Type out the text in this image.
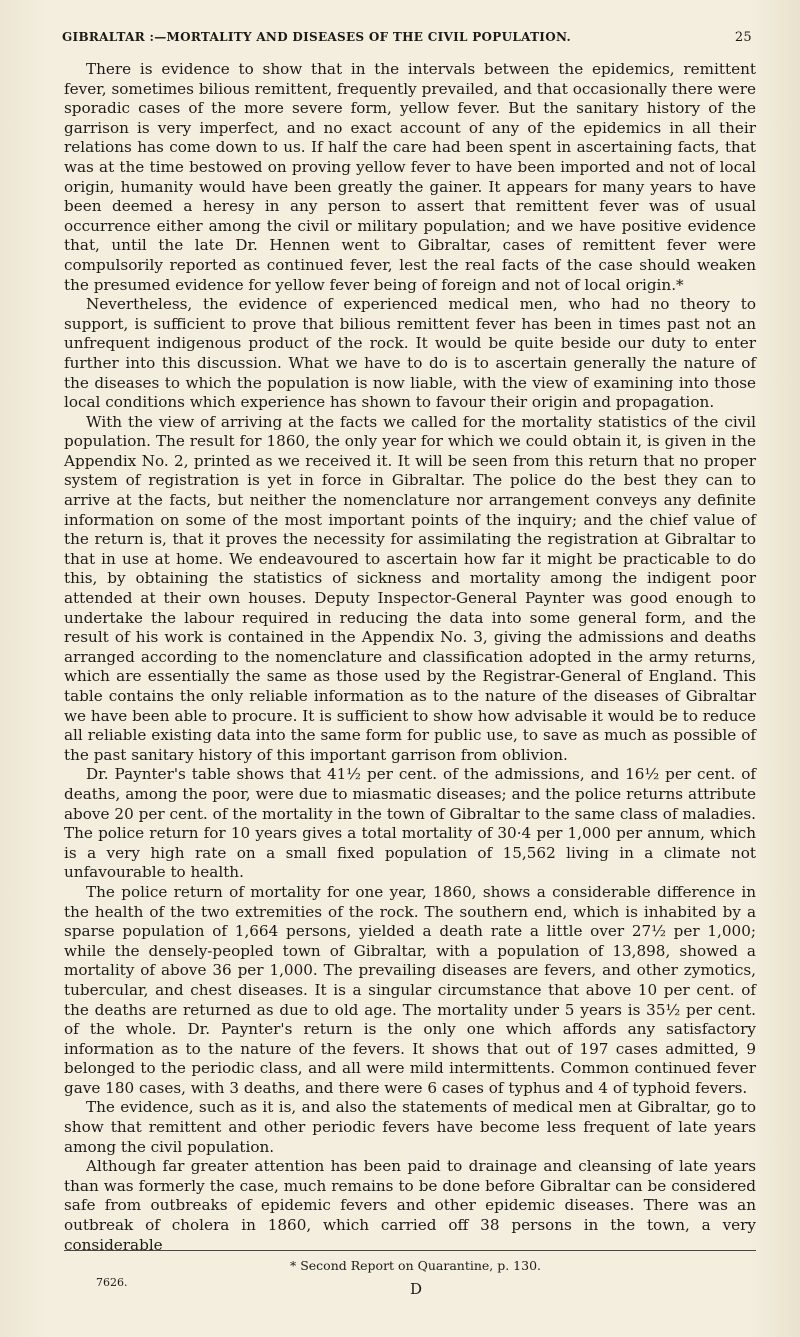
GIBRALTAR :—MORTALITY AND DISEASES OF THE CIVIL POPULATION.	25

There is evidence to show that in the intervals between the epidemics, remittent fever, sometimes bilious remittent, frequently prevailed, and that occasionally there were sporadic cases of the more severe form, yellow fever. But the sanitary history of the garrison is very imperfect, and no exact account of any of the epidemics in all their relations has come down to us. If half the care had been spent in ascertaining facts, that was at the time bestowed on proving yellow fever to have been imported and not of local origin, humanity would have been greatly the gainer. It appears for many years to have been deemed a heresy in any person to assert that remittent fever was of usual occurrence either among the civil or military population; and we have positive evidence that, until the late Dr. Hennen went to Gibraltar, cases of remittent fever were compulsorily reported as continued fever, lest the real facts of the case should weaken the presumed evidence for yellow fever being of foreign and not of local origin.*

Nevertheless, the evidence of experienced medical men, who had no theory to support, is sufficient to prove that bilious remittent fever has been in times past not an unfrequent indigenous product of the rock. It would be quite beside our duty to enter further into this discussion. What we have to do is to ascertain generally the nature of the diseases to which the population is now liable, with the view of examining into those local conditions which experience has shown to favour their origin and propagation.

With the view of arriving at the facts we called for the mortality statistics of the civil population. The result for 1860, the only year for which we could obtain it, is given in the Appendix No. 2, printed as we received it. It will be seen from this return that no proper system of registration is yet in force in Gibraltar. The police do the best they can to arrive at the facts, but neither the nomenclature nor arrangement conveys any definite information on some of the most important points of the inquiry; and the chief value of the return is, that it proves the necessity for assimilating the registration at Gibraltar to that in use at home. We endeavoured to ascertain how far it might be practicable to do this, by obtaining the statistics of sickness and mortality among the indigent poor attended at their own houses. Deputy Inspector-General Paynter was good enough to undertake the labour required in reducing the data into some general form, and the result of his work is contained in the Appendix No. 3, giving the admissions and deaths arranged according to the nomenclature and classification adopted in the army returns, which are essentially the same as those used by the Registrar-General of England. This table contains the only reliable information as to the nature of the diseases of Gibraltar we have been able to procure. It is sufficient to show how advisable it would be to reduce all reliable existing data into the same form for public use, to save as much as possible of the past sanitary history of this important garrison from oblivion.

Dr. Paynter's table shows that 41½ per cent. of the admissions, and 16½ per cent. of deaths, among the poor, were due to miasmatic diseases; and the police returns attribute above 20 per cent. of the mortality in the town of Gibraltar to the same class of maladies. The police return for 10 years gives a total mortality of 30·4 per 1,000 per annum, which is a very high rate on a small fixed population of 15,562 living in a climate not unfavourable to health.

The police return of mortality for one year, 1860, shows a considerable difference in the health of the two extremities of the rock. The southern end, which is inhabited by a sparse population of 1,664 persons, yielded a death rate a little over 27½ per 1,000; while the densely-peopled town of Gibraltar, with a population of 13,898, showed a mortality of above 36 per 1,000. The prevailing diseases are fevers, and other zymotics, tubercular, and chest diseases. It is a singular circumstance that above 10 per cent. of the deaths are returned as due to old age. The mortality under 5 years is 35½ per cent. of the whole. Dr. Paynter's return is the only one which affords any satisfactory information as to the nature of the fevers. It shows that out of 197 cases admitted, 9 belonged to the periodic class, and all were mild intermittents. Common continued fever gave 180 cases, with 3 deaths, and there were 6 cases of typhus and 4 of typhoid fevers.

The evidence, such as it is, and also the statements of medical men at Gibraltar, go to show that remittent and other periodic fevers have become less frequent of late years among the civil population.

Although far greater attention has been paid to drainage and cleansing of late years than was formerly the case, much remains to be done before Gibraltar can be considered safe from outbreaks of epidemic fevers and other epidemic diseases. There was an outbreak of cholera in 1860, which carried off 38 persons in the town, a very considerable

* Second Report on Quarantine, p. 130.
7626.	D
